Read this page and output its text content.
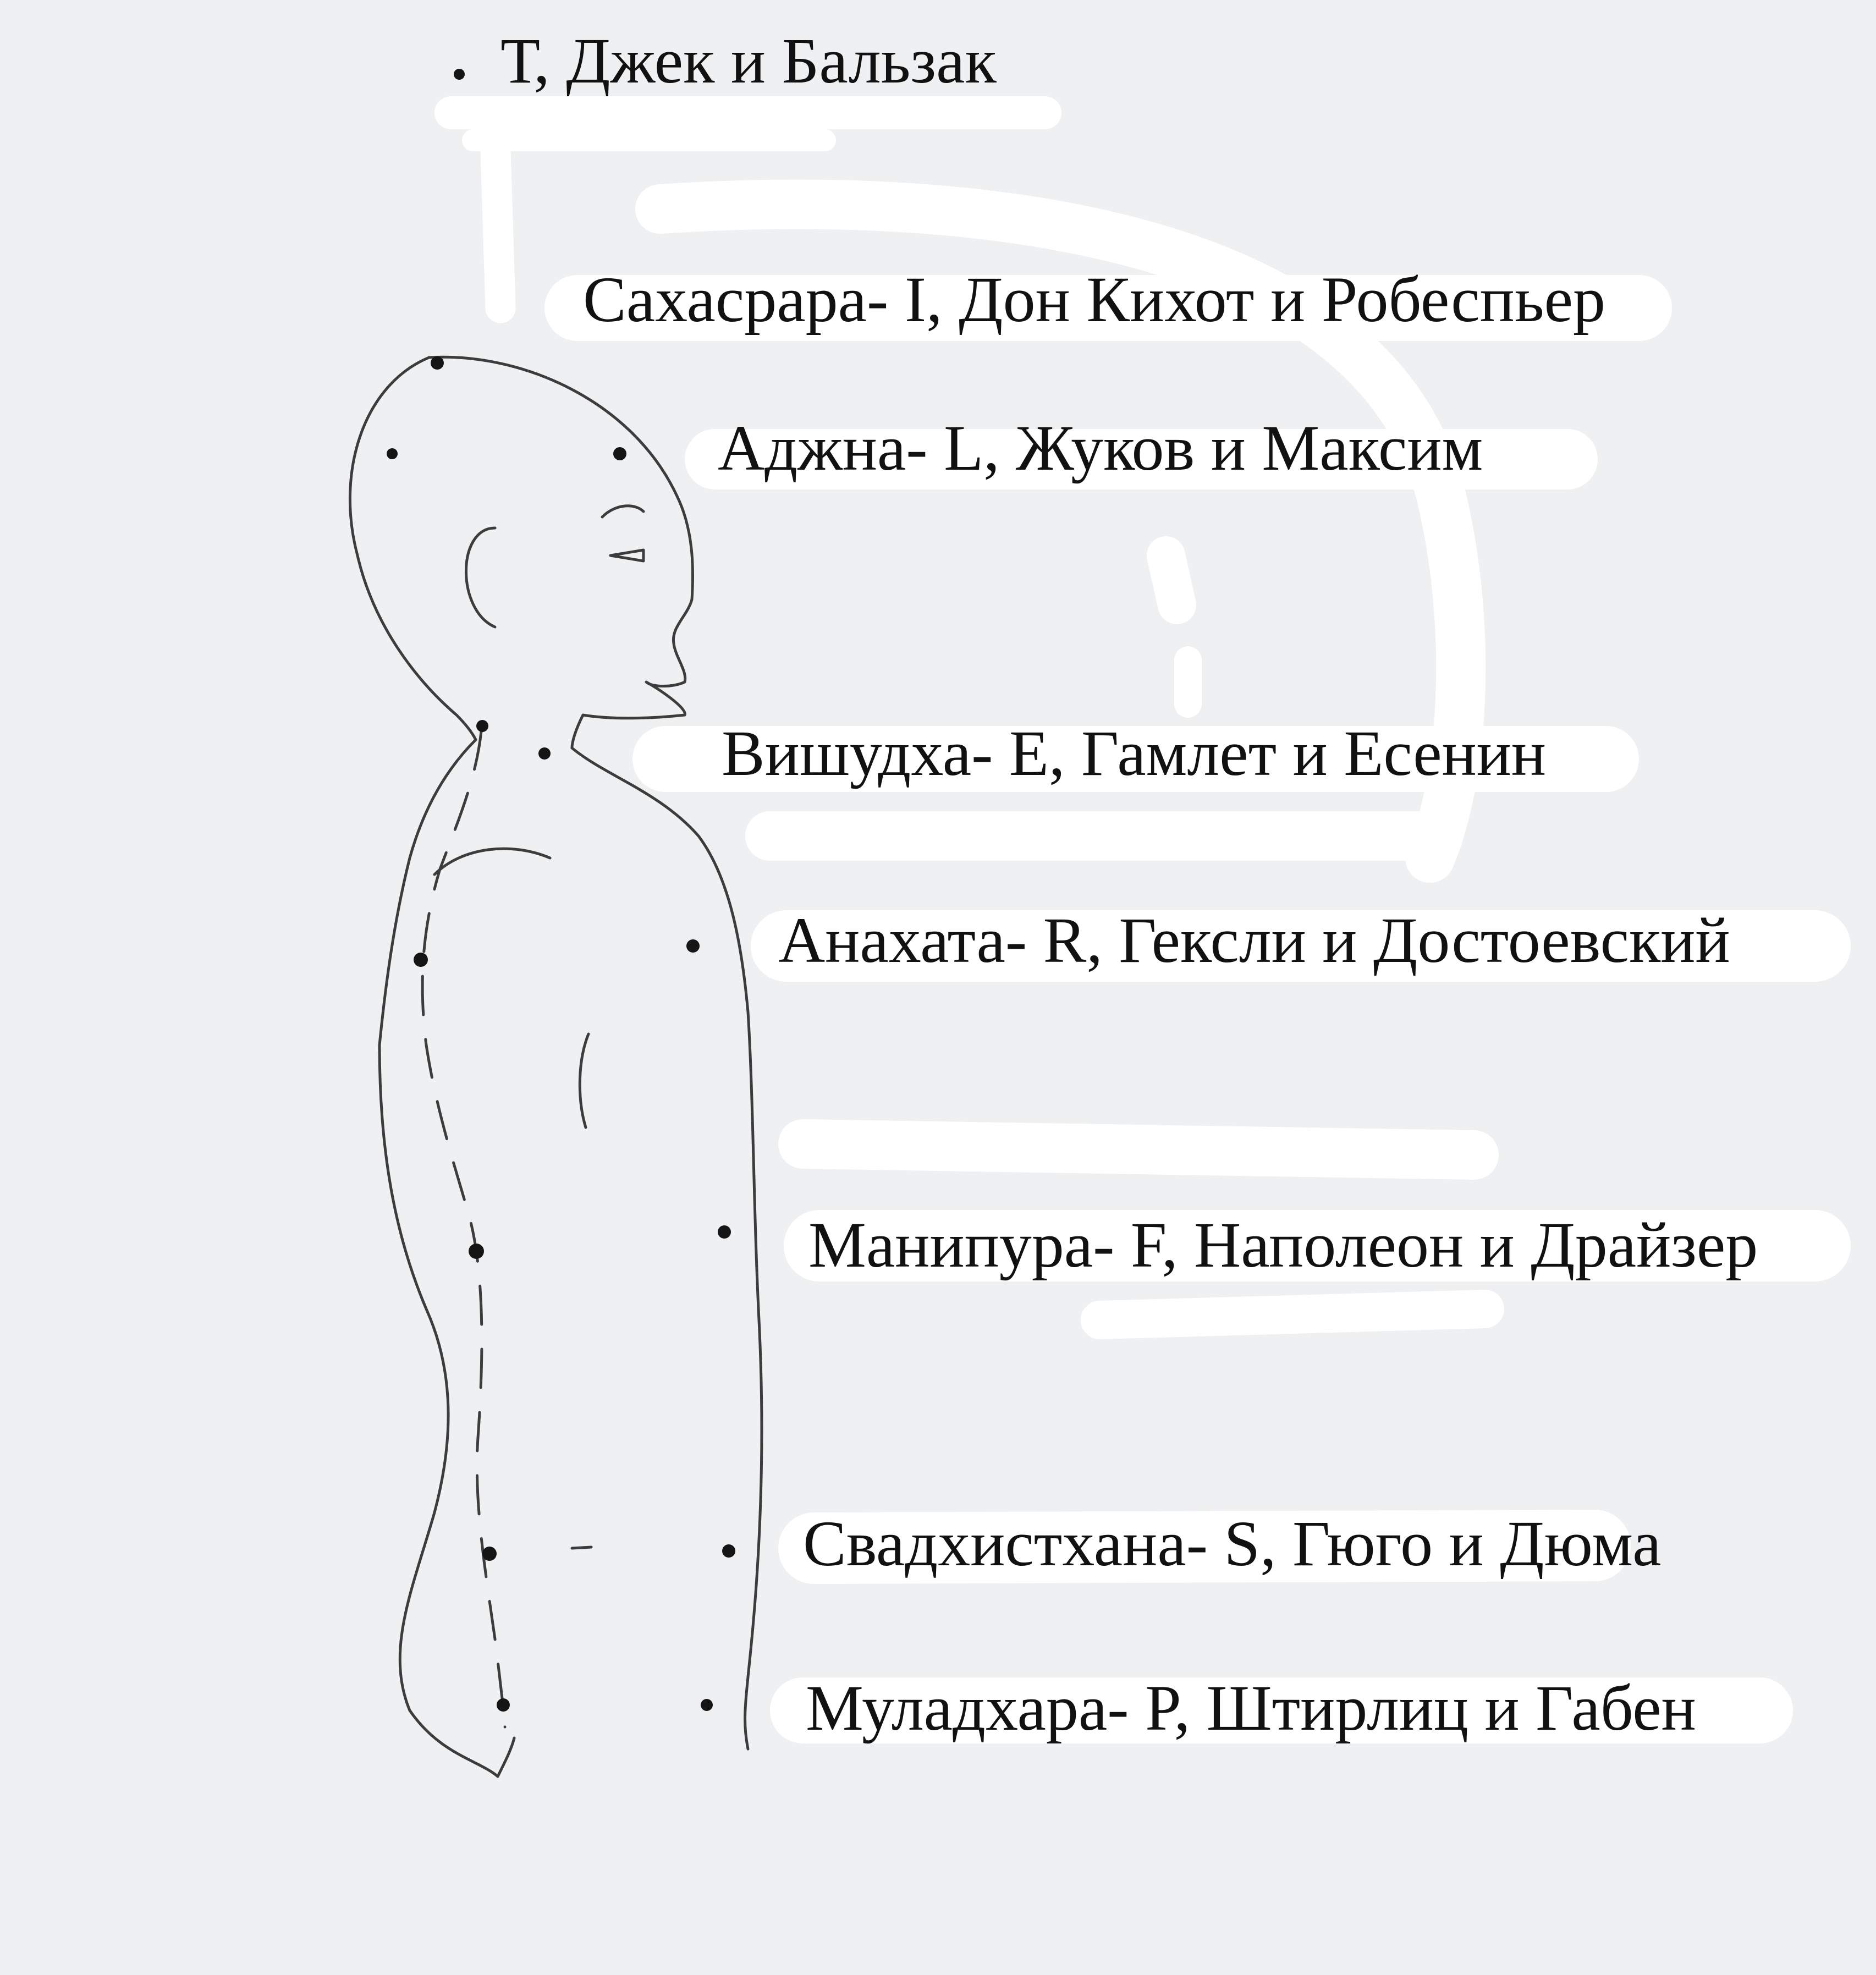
Т, Джек и Бальзак
Сахасрара- I, Дон Кихот и Робеспьер
Аджна- L, Жуков и Максим
Вишудха- E, Гамлет и Есенин
Анахата- R, Гексли и Достоевский
Манипура- F, Наполеон и Драйзер
Свадхистхана- S, Гюго и Дюма
Муладхара- P, Штирлиц и Габен
